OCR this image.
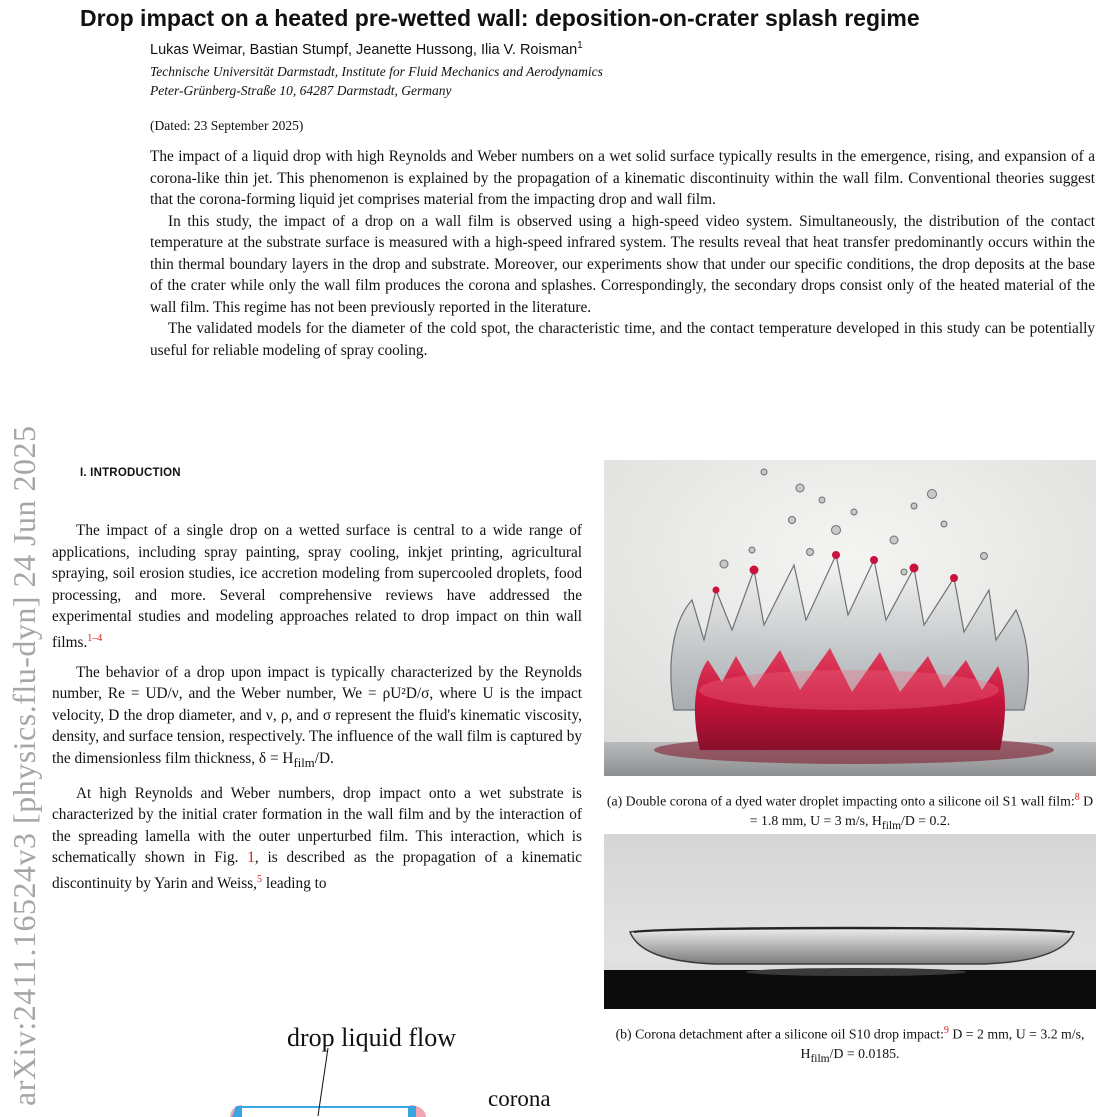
arXiv:2411.16524v3 [physics.flu-dyn] 24 Jun 2025
Drop impact on a heated pre-wetted wall: deposition-on-crater splash regime
Lukas Weimar, Bastian Stumpf, Jeanette Hussong, Ilia V. Roisman$^1$
Technische Universität Darmstadt, Institute for Fluid Mechanics and Aerodynamics
Peter-Grünberg-Straße 10, 64287 Darmstadt, Germany
(Dated: 23 September 2025)

The impact of a liquid drop with high Reynolds and Weber numbers on a wet solid surface typically results in the emergence, rising, and expansion of a corona-like thin jet. This phenomenon is explained by the propagation of a kinematic discontinuity within the wall film. Conventional theories suggest that the corona-forming liquid jet comprises material from the impacting drop and wall film.

In this study, the impact of a drop on a wall film is observed using a high-speed video system. Simultaneously, the distribution of the contact temperature at the substrate surface is measured with a high-speed infrared system. The results reveal that heat transfer predominantly occurs within the thin thermal boundary layers in the drop and substrate. Moreover, our experiments show that under our specific conditions, the drop deposits at the base of the crater while only the wall film produces the corona and splashes. Correspondingly, the secondary drops consist only of the heated material of the wall film. This regime has not been previously reported in the literature.

The validated models for the diameter of the cold spot, the characteristic time, and the contact temperature developed in this study can be potentially useful for reliable modeling of spray cooling.

I. INTRODUCTION

The impact of a single drop on a wetted surface is central to a wide range of applications, including spray painting, spray cooling, inkjet printing, agricultural spraying, soil erosion studies, ice accretion modeling from supercooled droplets, food processing, and more. Several comprehensive reviews have addressed the experimental studies and modeling approaches related to drop impact on thin wall films.$^{1-4}$

The behavior of a drop upon impact is typically characterized by the Reynolds number, Re = UD/ν, and the Weber number, We = ρU²D/σ, where U is the impact velocity, D the drop diameter, and ν, ρ, and σ represent the fluid's kinematic viscosity, density, and surface tension, respectively. The influence of the wall film is captured by the dimensionless film thickness, $\delta = H_{film}/D$.

At high Reynolds and Weber numbers, drop impact onto a wet substrate is characterized by the initial crater formation in the wall film and by the interaction of the spreading lamella with the outer unperturbed film. This interaction, which is schematically shown in Fig. 1, is described as the propagation of a kinematic discontinuity by Yarin and Weiss,$^5$ leading to

(a) Double corona of a dyed water droplet impacting onto a silicone oil S1 wall film:$^8$ D = 1.8 mm, U = 3 m/s, $H_{film}/D = 0.2$.
(b) Corona detachment after a silicone oil S10 drop impact:$^9$ D = 2 mm, U = 3.2 m/s, $H_{film}/D = 0.0185$.
drop liquid flow
corona
